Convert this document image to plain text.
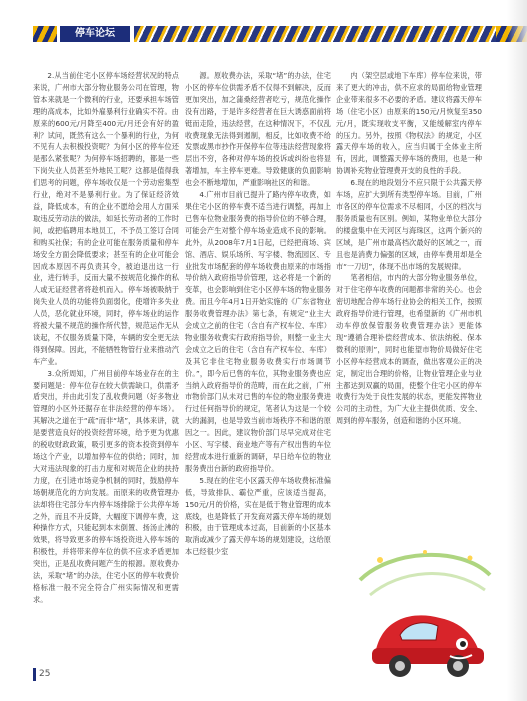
停车论坛

2.从当前住宅小区停车场经营状况的特点来说，广州市大部分物业服务公司在管理，物管本来就是一个微利的行业，还要承担车场管理的高成本，比如外雇暴利行业确实不符。由原来的600元/月降至400元/月还会有好的盈利？试问，既然有这么一个暴利的行业，为何不见有人去积极投资呢？为何小区的停车位还是那么紧张呢？为何停车场招聘的，都是一些下岗失业人员甚至外地民工呢？这都是值得我们思考的问题，停车场收仅是一个劳动密集型行业，绝对不是暴利行业。为了保证经济效益，降低成本，有的企业不愿给会用人方面采取违反劳动法的做法，如延长劳动者的工作时间，或把临聘用本地员工，不予员工签订合同和购买社保；有的企业可能在服务质量和停车场安全方面会降低要求；甚至有的企业可能会因成本原因不再负责其令，被迫退出这一行业，进行转手，反而大量不按规范化操作的私人或无证经营者将趁机而入。停车场被吸纳于岗失业人员的功能将负面弱化，使增许多失业人员，恶化就业环境，同时，停车场业的运作将被大量不规范的操作所代替，规范运作无从谈起，不仅服务质量下降，车辆的安全更无法得到保障。因此，不能牺牲物管行业来推动汽车产业。

3.众所周知，广州目前停车场业存在的主要问题是：停车位存在较大供需缺口，供需矛盾突出，并由此引发了乱收费问题（好多物业管理的小区外还据存在非法经营的停车场）。其解决之道在于“疏”而非“堵”，具体来讲，就是要营造良好的投资经营环境，给予更为优惠的税收财政政策，吸引更多的资本投资到停车场这个产业，以增加停车位的供给；同时，加大对违法现象的打击力度和对规范企业的扶持力度，在引进市场竞争机制的同时，鼓励停车场朝规范化的方向发展。而原来的收费管理办法却将住宅部分车内停车场排除于公共停车场之外，而且不升反降，大幅度下调停车费，这种操作方式，只能起到本末倒置、扬汤止沸的效果，将导致更多的停车场投资进入停车场的积极性，并将带来停车位的供不应求矛盾更加突出，正是乱收费问题产生的根源。原收费办法，采取“堵”的办法，住宅小区的停车收费价格标准一般不完全符合广州实际情况和更需求。

源。原收费办法，采取“堵”的办法，住宅小区的停车位供需矛盾不仅得不到解决，反而更加突出，加之蒲桑经营者吃亏，规范化操作没有出路，于是许多经营者在巨大诱惑面前将铤而走险，违法经营，在这种情况下，不仅乱收费现象无法得到遏制，相反，比如收费不给发票或黑市抄作开保停车位等违法经营现象将层出不穷，各种对停车场的投诉或纠纷也将显著增加，车主停车更难。导致健康的负面影响也会不断地增加，严重影响社区的和谐。

4.广州市目前已提升了路内停车收费，如果住宅小区的停车费不适当进行调整，再加上已售车位物业服务费的指导价位的不够合理，可能会产生对整个停车场业造成不良的影响。此外，从2008年7月1日起，已经把商场、宾馆、酒店、娱乐场所、写字楼、物流园区、专业批发市场配套的停车场收费由原来的市场指导价纳入政府指导价管理，这必将是一个新的变革，也会影响到住宅小区停车场的物业服务费。而且今年4月1日开始实施的《广东省物业服务收费管理办法》第七条，有规定“业主大会成立之前的住宅（含自有产权车位、车库）物业服务收费实行政府指导价，则整一业主大会成立之后的住宅（含自有产权车位、车库）及其它非住宅物业服务收费实行市场调节价。”，即今后已售的车位，其物业服务费也应当纳入政府指导价的范畴，而在此之前，广州市物价部门从未对已售的车位的物业服务费进行过任何指导价的规定，笔者认为这是一个较大的漏洞，也是导致当前市场秩序不和谐的原因之一。因此，建议物价部门尽早完成对住宅小区、写字楼、商业地产等有产权出售的车位经营成本进行重新的调研，早日给车位的物业服务费出台新的政府指导价。

5.现在的住宅小区露天停车场收费标准偏低，导致排队、霸位严重，应该适当提高，150元/月的价格，实在是低于物业管理的成本底线，也是降低了开发商对露天停车场的规划积极，由于管理成本过高，目前新的小区基本取消或减少了露天停车场的规划建设，这给原本已经很少室

内（架空层或地下车库）停车位来说，带来了更大的冲击，供不应求的局面给物业管理企业带来很多不必要的矛盾。建议将露天停车场（住宅小区）由原来的150元/月恢复至350元/月，既实现收支平衡，又能缓解室内停车的压力。另外，按照《物权法》的规定，小区露天停车场的收入，应当归属于全体业主所有，因此，调整露天停车场的费用，也是一种协调补充物业管理费开支的良性的手段。

6.现在的地段划分不应只限于公共露天停车场，应扩大到所有类型停车场。目前，广州市各区的停车位需求不尽相同，小区的档次与服务质量也有区别。例如，某物业单位大部分的楼盘集中在天河区与海珠区，这两个新兴的区域，是广州市最高档次最好的区域之一，而且也是消费力偏强的区域，由停车费用却是全市“一刀切”，体现不出市场的发展规律。

笔者相信，市内的大部分物业服务单位，对于住宅停车收费的问题都非常的关心。也会密切地配合停车场行业协会的相关工作，按照政府指导价进行管理，也希望新的《广州市机动车停放保管服务收费管理办法》更能体现“遵循合理补偿经营成本、依法纳税、保本微利的原则”，同时也能望市物价局做好住宅小区停车经营成本的调查，做出客观公正的决定，制定出合理的价格，让物业管理企业与业主都达到双赢的局面，使整个住宅小区的停车收费行为处于良性发展的状态，更能发挥物业公司的主动性，为广大业主提供优质、安全、周到的停车服务，创造和谐的小区环境。

25
